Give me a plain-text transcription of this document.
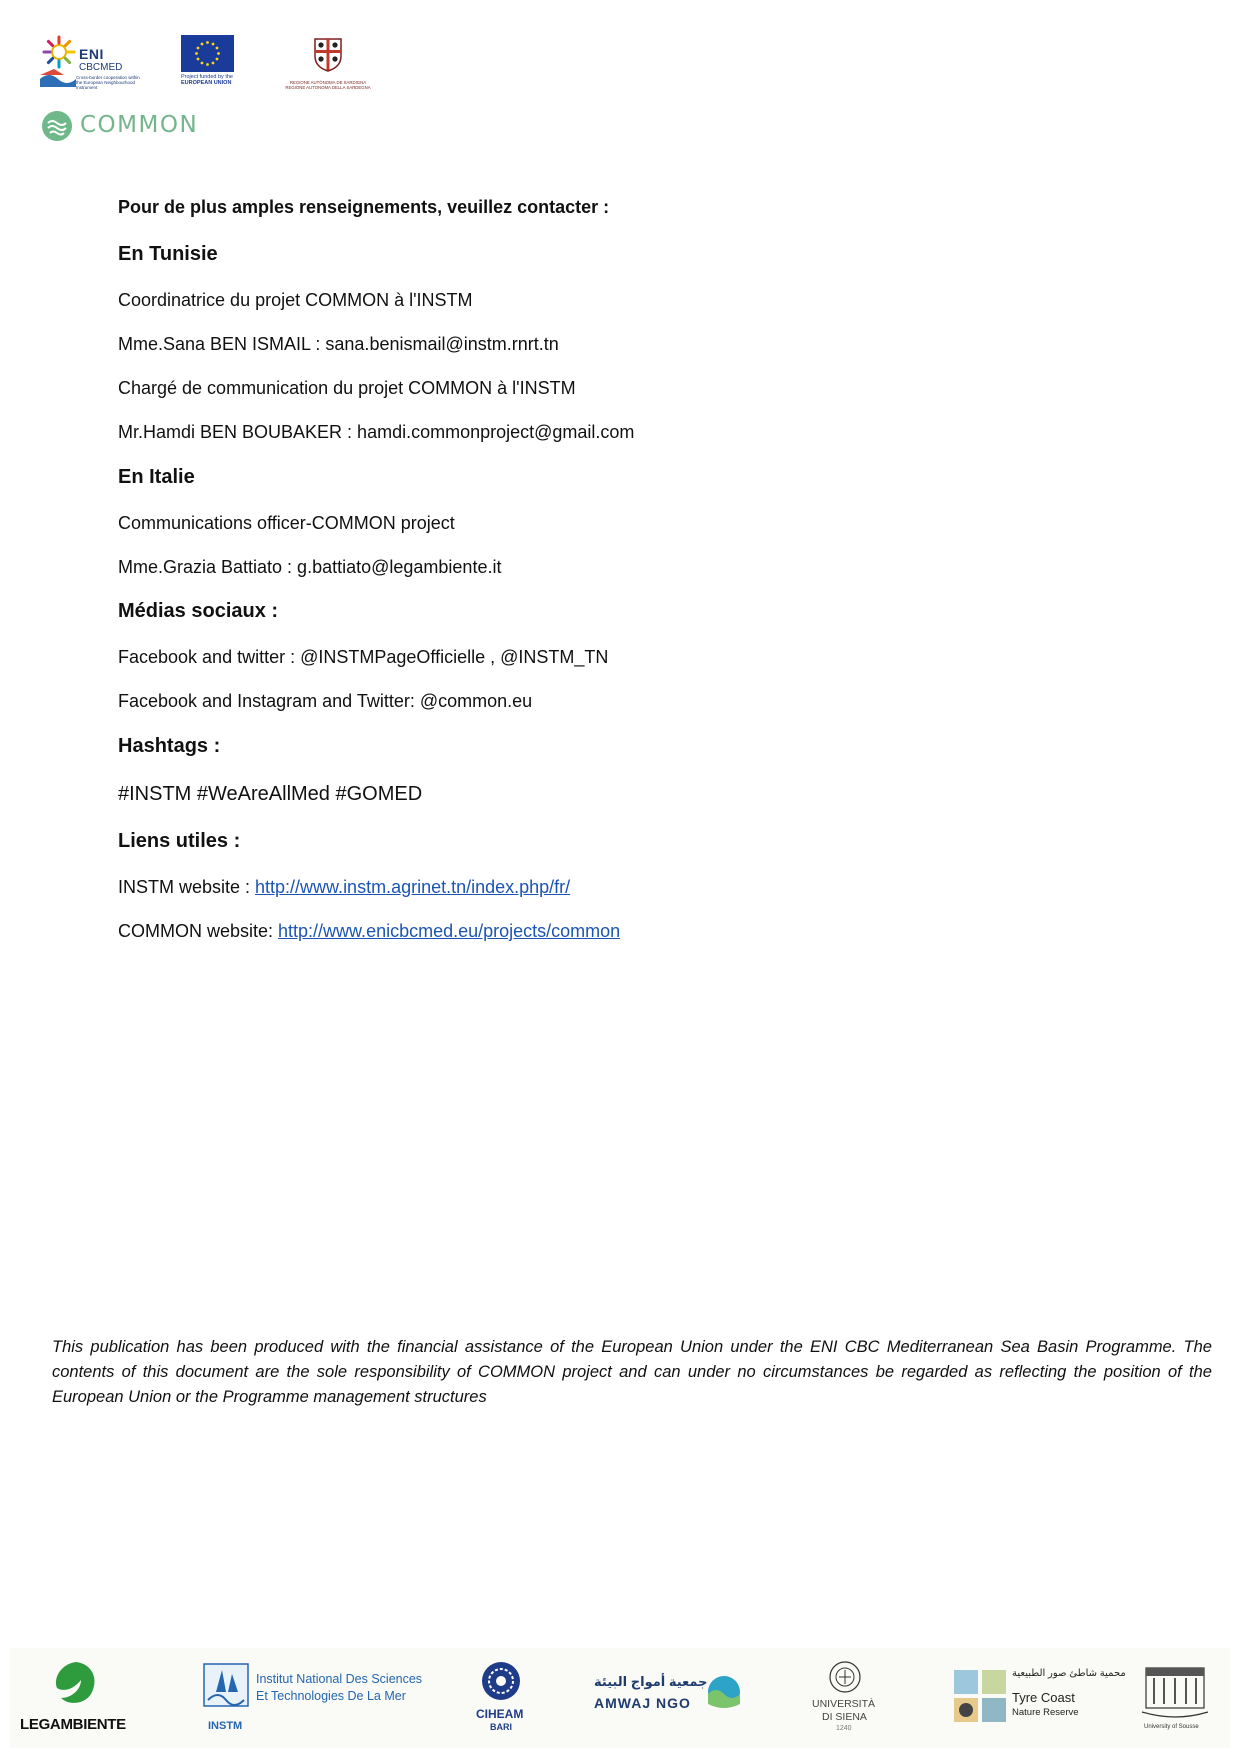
ENI
CBCMED
Cross-border cooperation within the European Neighbourhood Instrument
Project funded by the
EUROPEAN UNION	REGIONE AUTÒNOMA DE SARDIGNA
REGIONE AUTONOMA DELLA SARDEGNA
COMMON
Pour de plus amples renseignements, veuillez contacter :
En Tunisie
Coordinatrice du projet COMMON à l'INSTM
Mme.Sana BEN ISMAIL : sana.benismail@instm.rnrt.tn
Chargé de communication du projet COMMON à l'INSTM
Mr.Hamdi BEN BOUBAKER : hamdi.commonproject@gmail.com
En Italie
Communications officer-COMMON project
Mme.Grazia Battiato : g.battiato@legambiente.it
Médias sociaux :
Facebook and twitter : @INSTMPageOfficielle , @INSTM_TN
Facebook and Instagram and Twitter: @common.eu
Hashtags :
#INSTM #WeAreAllMed #GOMED
Liens utiles :
INSTM website : http://www.instm.agrinet.tn/index.php/fr/
COMMON website: http://www.enicbcmed.eu/projects/common
This publication has been produced with the financial assistance of the European Union under the ENI CBC Mediterranean Sea Basin Programme. The contents of this document are the sole responsibility of COMMON project and can under no circumstances be regarded as reflecting the position of the European Union or the Programme management structures
LEGAMBIENTE
Institut National Des Sciences
Et Technologies De La Mer
INSTM
CIHEAM
BARI
جمعية أمواج البيئة
AMWAJ NGO	UNIVERSITÀ
DI SIENA
1240
محمية شاطئ صور الطبيعية
Tyre Coast
Nature Reserve
University of Sousse
